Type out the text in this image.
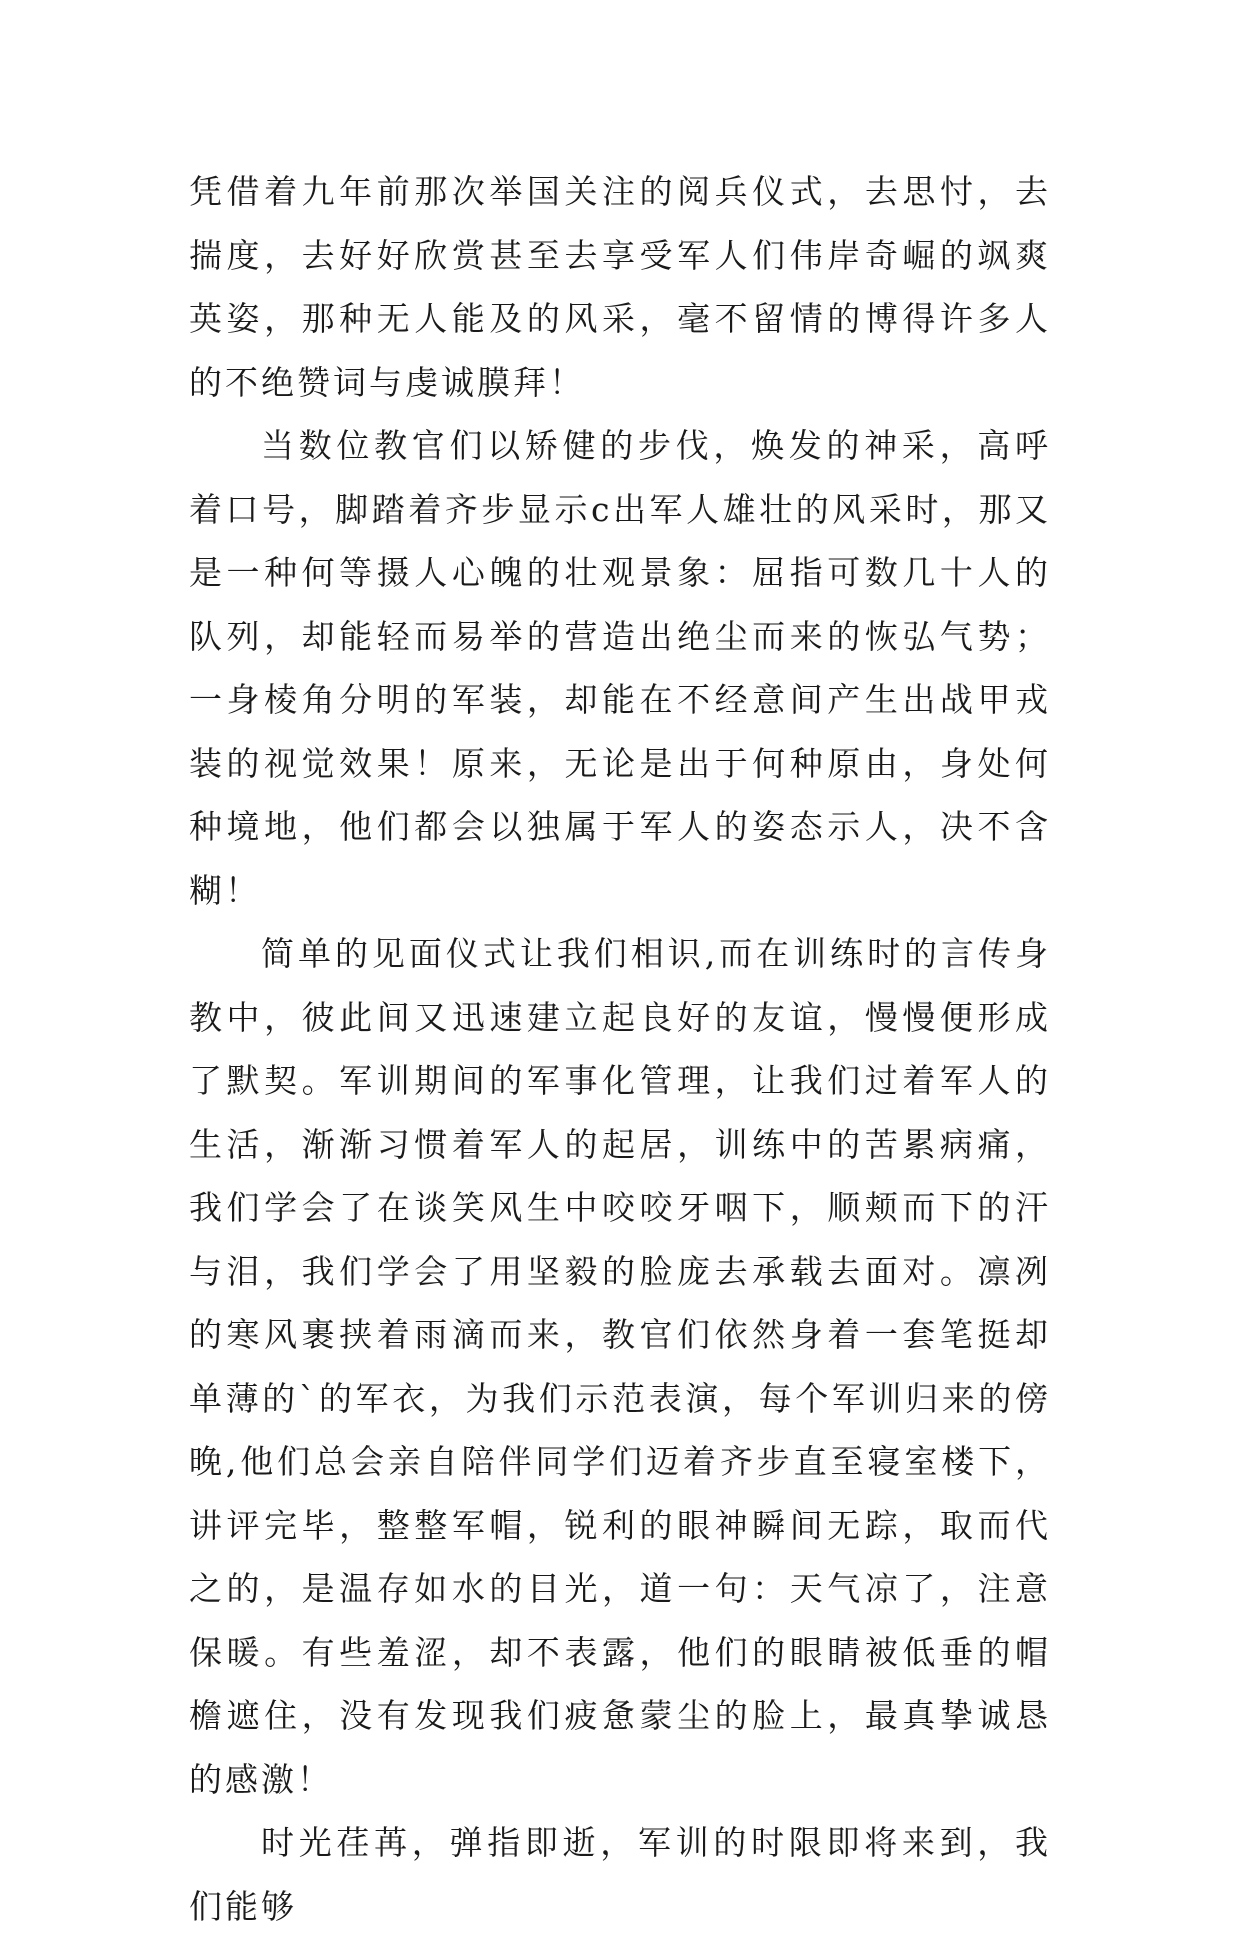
凭借着九年前那次举国关注的阅兵仪式，去思忖，去揣度，去好好欣赏甚至去享受军人们伟岸奇崛的飒爽英姿，那种无人能及的风采，毫不留情的博得许多人的不绝赞词与虔诚膜拜！

当数位教官们以矫健的步伐，焕发的神采，高呼着口号，脚踏着齐步显示c出军人雄壮的风采时，那又是一种何等摄人心魄的壮观景象：屈指可数几十人的队列，却能轻而易举的营造出绝尘而来的恢弘气势；一身棱角分明的军装，却能在不经意间产生出战甲戎装的视觉效果！原来，无论是出于何种原由，身处何种境地，他们都会以独属于军人的姿态示人，决不含糊！

简单的见面仪式让我们相识,而在训练时的言传身教中，彼此间又迅速建立起良好的友谊，慢慢便形成了默契。军训期间的军事化管理，让我们过着军人的生活，渐渐习惯着军人的起居，训练中的苦累病痛，我们学会了在谈笑风生中咬咬牙咽下，顺颊而下的汗与泪，我们学会了用坚毅的脸庞去承载去面对。凛冽的寒风裹挟着雨滴而来，教官们依然身着一套笔挺却单薄的`的军衣，为我们示范表演，每个军训归来的傍晚,他们总会亲自陪伴同学们迈着齐步直至寝室楼下，讲评完毕，整整军帽，锐利的眼神瞬间无踪，取而代之的，是温存如水的目光，道一句：天气凉了，注意保暖。有些羞涩，却不表露，他们的眼睛被低垂的帽檐遮住，没有发现我们疲惫蒙尘的脸上，最真挚诚恳的感激！

时光荏苒，弹指即逝，军训的时限即将来到，我们能够
